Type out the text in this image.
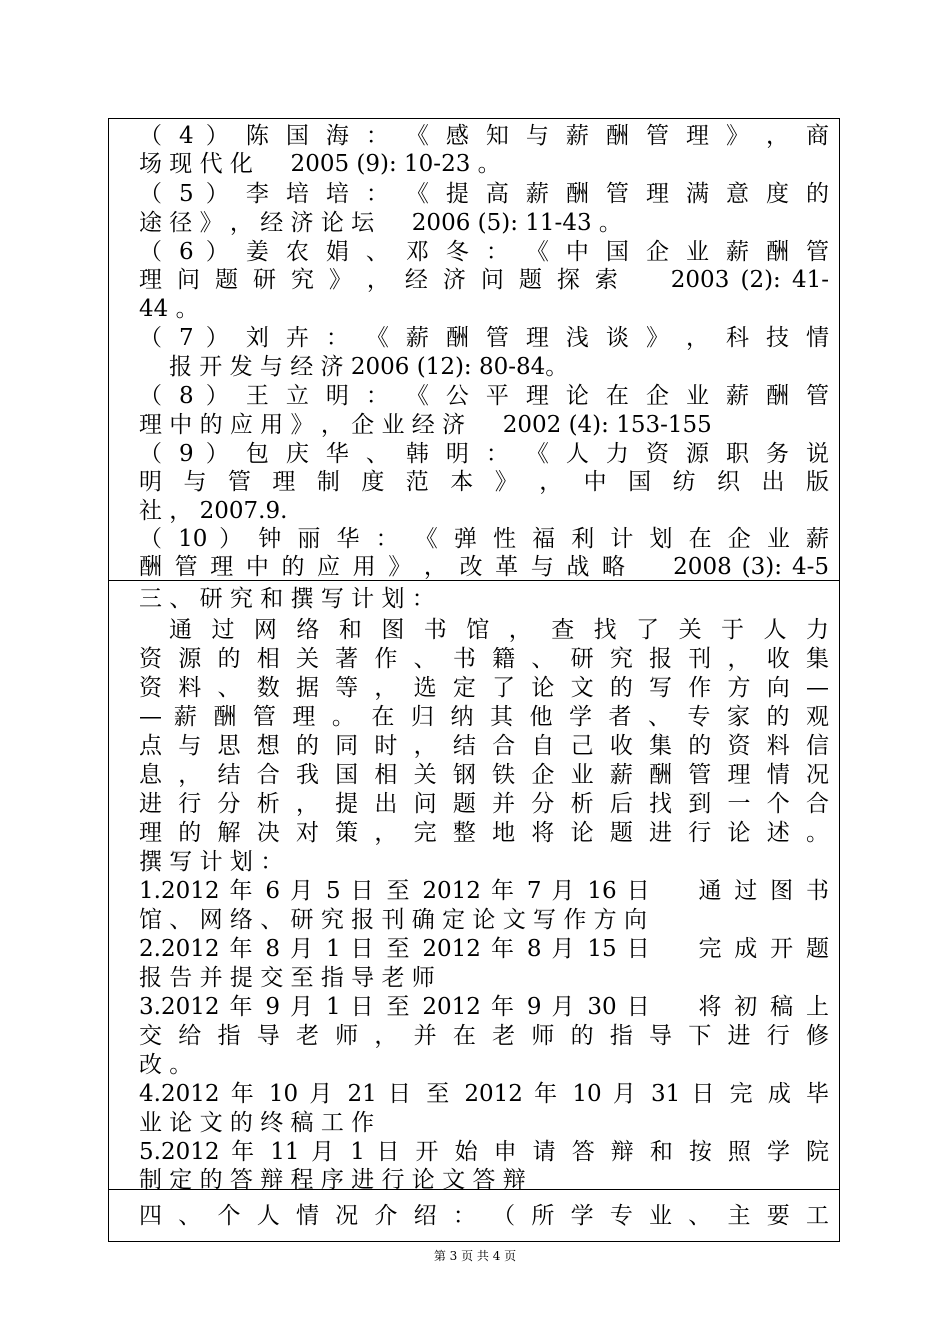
（ 4 ） 陈 国 海 ： 《 感 知 与 薪 酬 管 理 》 ， 商
场 现 代 化 　 2005 (9): 10-23 。
（ 5 ） 李 培 培 ： 《 提 高 薪 酬 管 理 满 意 度 的
途 径 》 ， 经 济 论 坛 　 2006 (5): 11-43 。
（ 6 ） 姜 农 娟 、 邓 冬 ： 《 中 国 企 业 薪 酬 管
理 问 题 研 究 》 ， 经 济 问 题 探 索 　 2003 (2): 41-
44 。
（ 7 ） 刘 卉 ： 《 薪 酬 管 理 浅 谈 》 ， 科 技 情
报 开 发 与 经 济 2006 (12): 80-84。
（ 8 ） 王 立 明 ： 《 公 平 理 论 在 企 业 薪 酬 管
理 中 的 应 用 》 ， 企 业 经 济 　 2002 (4): 153-155
（ 9 ） 包 庆 华 、 韩 明 ： 《 人 力 资 源 职 务 说
明 与 管 理 制 度 范 本 》 ， 中 国 纺 织 出 版
社 ， 2007.9.
（ 10 ） 钟 丽 华 ： 《 弹 性 福 利 计 划 在 企 业 薪
酬 管 理 中 的 应 用 》 ， 改 革 与 战 略 　 2008 (3): 4-5
三 、 研 究 和 撰 写 计 划 ：
通 过 网 络 和 图 书 馆 ， 查 找 了 关 于 人 力
资 源 的 相 关 著 作 、 书 籍 、 研 究 报 刊 ， 收 集
资 料 、 数 据 等 ， 选 定 了 论 文 的 写 作 方 向 —
— 薪 酬 管 理 。 在 归 纳 其 他 学 者 、 专 家 的 观
点 与 思 想 的 同 时 ， 结 合 自 己 收 集 的 资 料 信
息 ， 结 合 我 国 相 关 钢 铁 企 业 薪 酬 管 理 情 况
进 行 分 析 ， 提 出 问 题 并 分 析 后 找 到 一 个 合
理 的 解 决 对 策 ， 完 整 地 将 论 题 进 行 论 述 。
撰 写 计 划 ：
1.2012 年 6 月 5 日 至 2012 年 7 月 16 日 　 通 过 图 书
馆 、 网 络 、 研 究 报 刊 确 定 论 文 写 作 方 向
2.2012 年 8 月 1 日 至 2012 年 8 月 15 日 　 完 成 开 题
报 告 并 提 交 至 指 导 老 师
3.2012 年 9 月 1 日 至 2012 年 9 月 30 日 　 将 初 稿 上
交 给 指 导 老 师 ， 并 在 老 师 的 指 导 下 进 行 修
改 。
4.2012 年 10 月 21 日 至 2012 年 10 月 31 日 完 成 毕
业 论 文 的 终 稿 工 作
5.2012 年 11 月 1 日 开 始 申 请 答 辩 和 按 照 学 院
制 定 的 答 辩 程 序 进 行 论 文 答 辩
四 、 个 人 情 况 介 绍 ： （ 所 学 专 业 、 主 要 工
第 3 页 共 4 页
